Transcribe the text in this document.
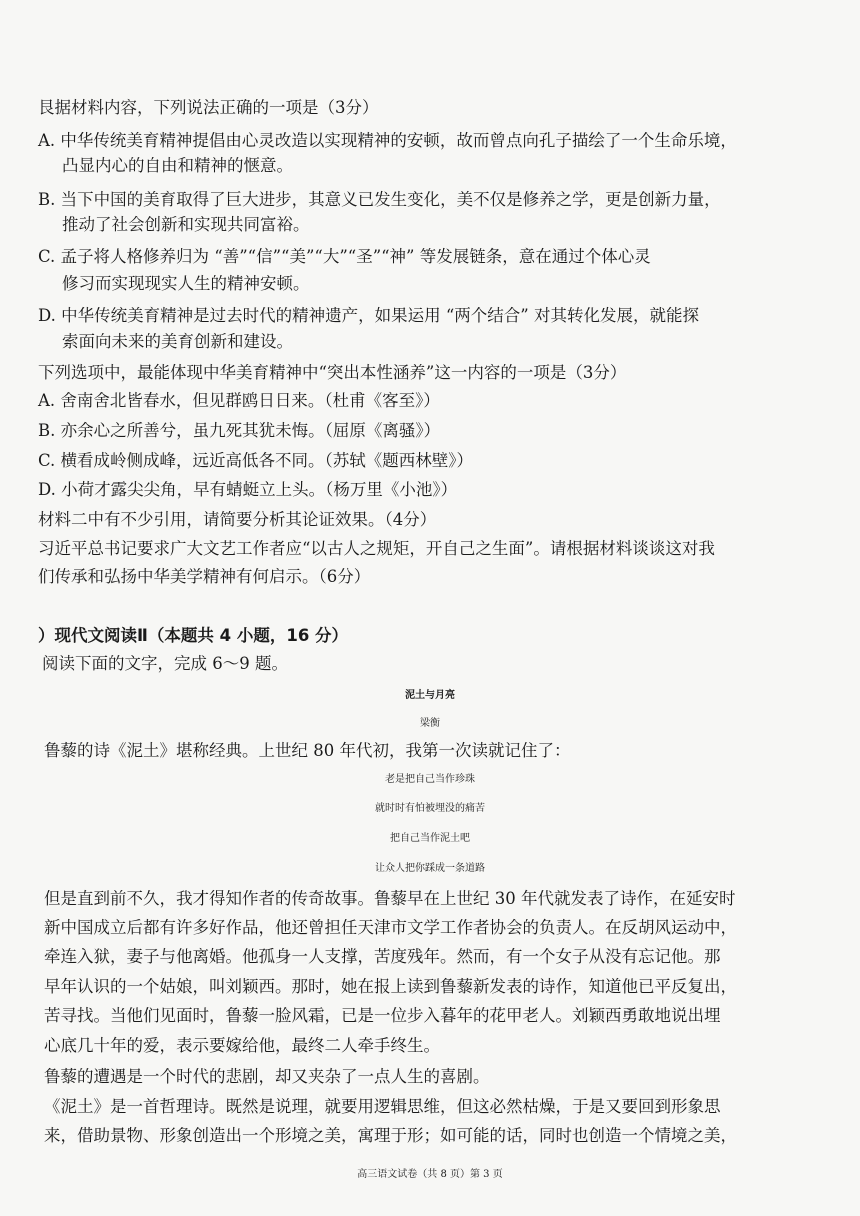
艮据材料内容，下列说法正确的一项是（3分）
A. 中华传统美育精神提倡由心灵改造以实现精神的安顿，故而曾点向孔子描绘了一个生命乐境，
凸显内心的自由和精神的惬意。
B. 当下中国的美育取得了巨大进步，其意义已发生变化，美不仅是修养之学，更是创新力量，
推动了社会创新和实现共同富裕。
C. 孟子将人格修养归为 “善”“信”“美”“大”“圣”“神” 等发展链条，意在通过个体心灵
修习而实现现实人生的精神安顿。
D. 中华传统美育精神是过去时代的精神遗产，如果运用 “两个结合” 对其转化发展，就能探
索面向未来的美育创新和建设。
下列选项中，最能体现中华美育精神中“突出本性涵养”这一内容的一项是（3分）
A. 舍南舍北皆春水，但见群鸥日日来。（杜甫《客至》）
B. 亦余心之所善兮，虽九死其犹未悔。（屈原《离骚》）
C. 横看成岭侧成峰，远近高低各不同。（苏轼《题西林壁》）
D. 小荷才露尖尖角，早有蜻蜓立上头。（杨万里《小池》）
材料二中有不少引用，请简要分析其论证效果。（4分）
习近平总书记要求广大文艺工作者应“以古人之规矩，开自己之生面”。请根据材料谈谈这对我
们传承和弘扬中华美学精神有何启示。（6分）
）现代文阅读Ⅱ（本题共 4 小题，16 分）
阅读下面的文字，完成 6～9 题。
泥土与月亮
梁衡
鲁藜的诗《泥土》堪称经典。上世纪 80 年代初，我第一次读就记住了：
老是把自己当作珍珠
就时时有怕被埋没的痛苦
把自己当作泥土吧
让众人把你踩成一条道路
但是直到前不久，我才得知作者的传奇故事。鲁藜早在上世纪 30 年代就发表了诗作，在延安时
新中国成立后都有许多好作品，他还曾担任天津市文学工作者协会的负责人。在反胡风运动中，
牵连入狱，妻子与他离婚。他孤身一人支撑，苦度残年。然而，有一个女子从没有忘记他。那
早年认识的一个姑娘，叫刘颖西。那时，她在报上读到鲁藜新发表的诗作，知道他已平反复出，
苦寻找。当他们见面时，鲁藜一脸风霜，已是一位步入暮年的花甲老人。刘颖西勇敢地说出埋
心底几十年的爱，表示要嫁给他，最终二人牵手终生。
鲁藜的遭遇是一个时代的悲剧，却又夹杂了一点人生的喜剧。
《泥土》是一首哲理诗。既然是说理，就要用逻辑思维，但这必然枯燥，于是又要回到形象思
来，借助景物、形象创造出一个形境之美，寓理于形；如可能的话，同时也创造一个情境之美，
高三语文试卷（共 8 页）第 3 页
